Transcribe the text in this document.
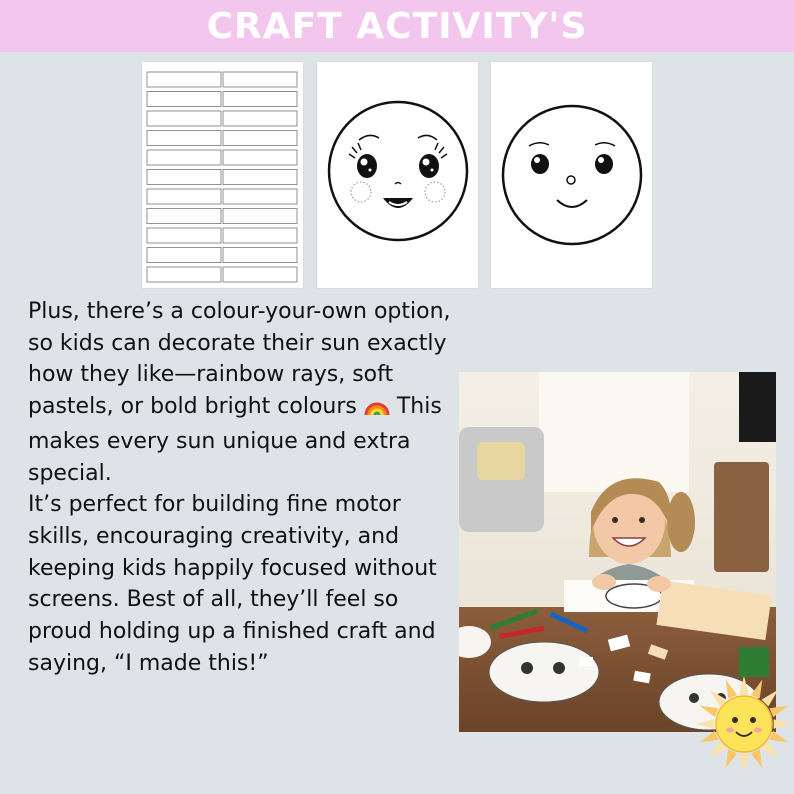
CRAFT ACTIVITY'S

Plus, there’s a colour-your-own option, so kids can decorate their sun exactly how they like—rainbow rays, soft pastels, or bold bright colours  This makes every sun unique and extra special.

It’s perfect for building fine motor skills, encouraging creativity, and keeping kids happily focused without screens. Best of all, they’ll feel so proud holding up a finished craft and saying, “I made this!”
